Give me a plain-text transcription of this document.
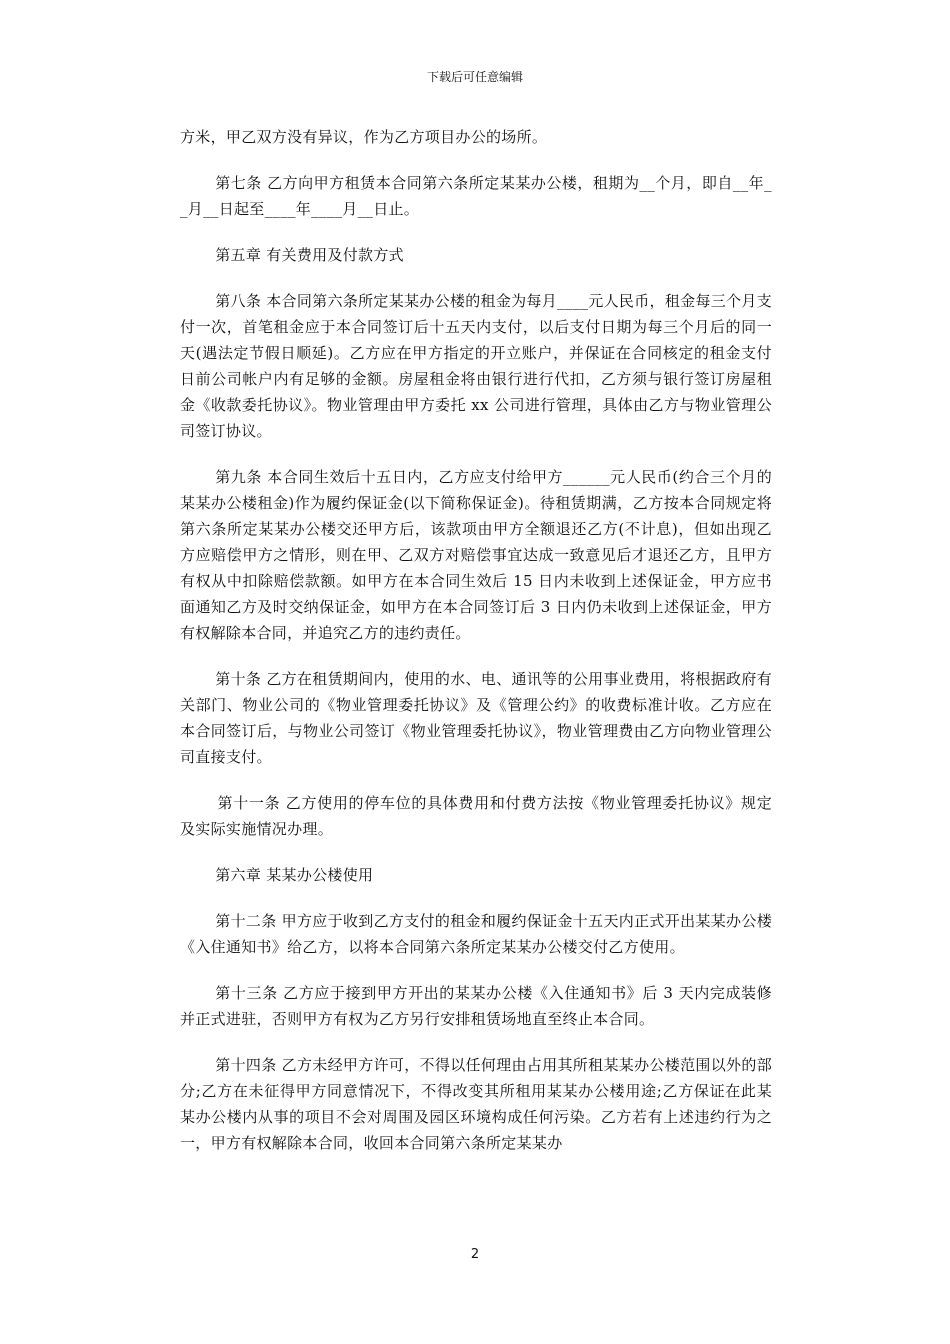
下载后可任意编辑

方米，甲乙双方没有异议，作为乙方项目办公的场所。

第七条 乙方向甲方租赁本合同第六条所定某某办公楼，租期为__个月，即自__年__月__日起至____年____月__日止。

第五章 有关费用及付款方式

第八条 本合同第六条所定某某办公楼的租金为每月____元人民币，租金每三个月支付一次，首笔租金应于本合同签订后十五天内支付，以后支付日期为每三个月后的同一天(遇法定节假日顺延)。乙方应在甲方指定的开立账户，并保证在合同核定的租金支付日前公司帐户内有足够的金额。房屋租金将由银行进行代扣，乙方须与银行签订房屋租金《收款委托协议》。物业管理由甲方委托 xx 公司进行管理，具体由乙方与物业管理公司签订协议。

第九条 本合同生效后十五日内，乙方应支付给甲方______元人民币(约合三个月的某某办公楼租金)作为履约保证金(以下简称保证金)。待租赁期满，乙方按本合同规定将第六条所定某某办公楼交还甲方后，该款项由甲方全额退还乙方(不计息)，但如出现乙方应赔偿甲方之情形，则在甲、乙双方对赔偿事宜达成一致意见后才退还乙方，且甲方有权从中扣除赔偿款额。如甲方在本合同生效后 15 日内未收到上述保证金，甲方应书面通知乙方及时交纳保证金，如甲方在本合同签订后 3 日内仍未收到上述保证金，甲方有权解除本合同，并追究乙方的违约责任。

第十条 乙方在租赁期间内，使用的水、电、通讯等的公用事业费用，将根据政府有关部门、物业公司的《物业管理委托协议》及《管理公约》的收费标准计收。乙方应在本合同签订后，与物业公司签订《物业管理委托协议》，物业管理费由乙方向物业管理公司直接支付。

第十一条 乙方使用的停车位的具体费用和付费方法按《物业管理委托协议》规定及实际实施情况办理。

第六章 某某办公楼使用

第十二条 甲方应于收到乙方支付的租金和履约保证金十五天内正式开出某某办公楼《入住通知书》给乙方，以将本合同第六条所定某某办公楼交付乙方使用。

第十三条 乙方应于接到甲方开出的某某办公楼《入住通知书》后 3 天内完成装修并正式进驻，否则甲方有权为乙方另行安排租赁场地直至终止本合同。

第十四条 乙方未经甲方许可，不得以任何理由占用其所租某某办公楼范围以外的部分;乙方在未征得甲方同意情况下，不得改变其所租用某某办公楼用途;乙方保证在此某某办公楼内从事的项目不会对周围及园区环境构成任何污染。乙方若有上述违约行为之一，甲方有权解除本合同，收回本合同第六条所定某某办

2
